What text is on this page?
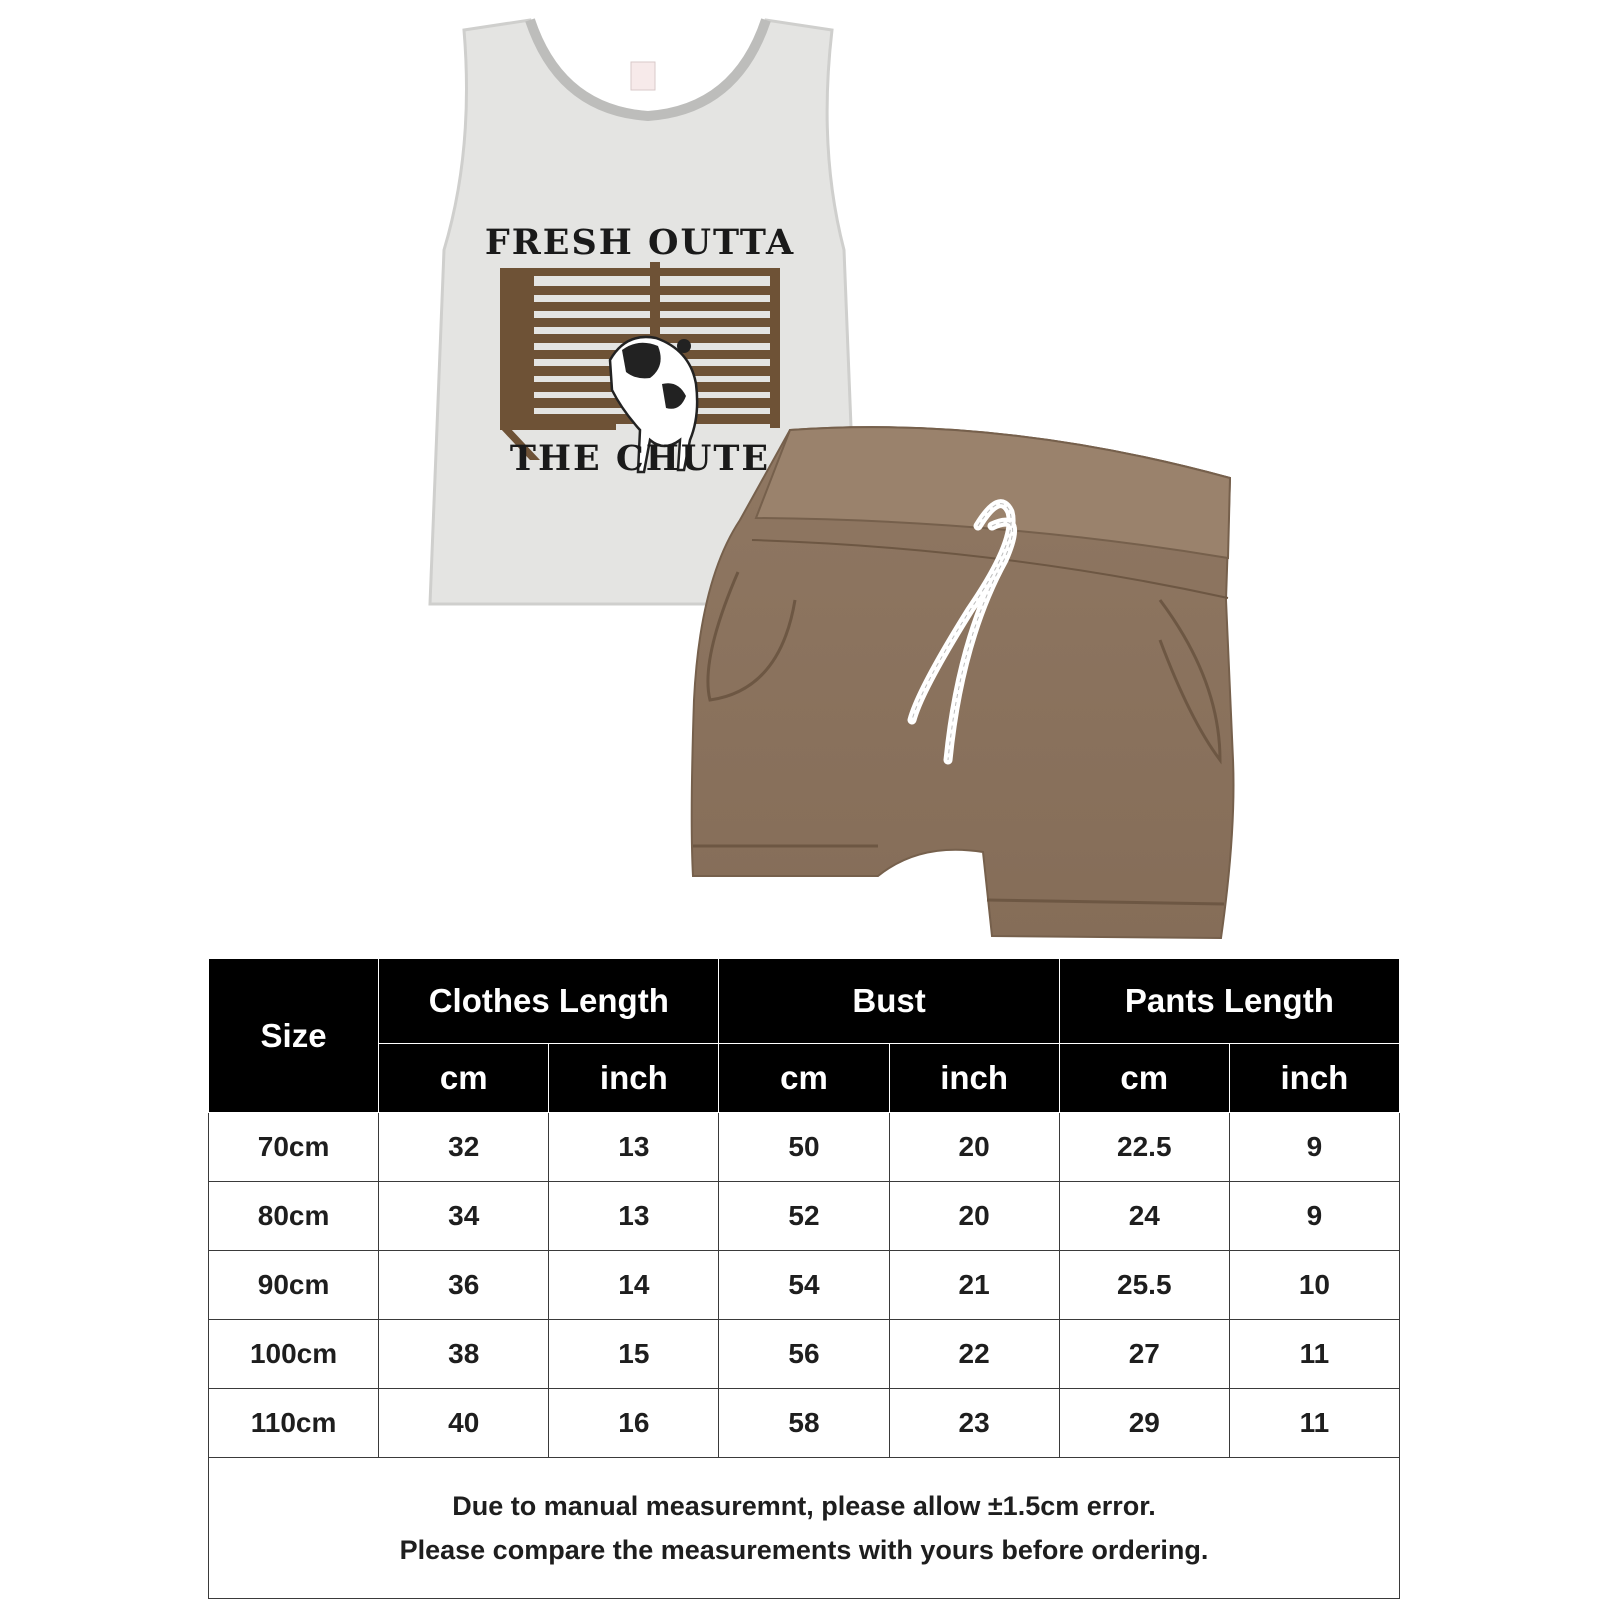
FRESH OUTTA
THE CHUTE
Size	Clothes Length		Bust		Pants Length	
	cm	inch	cm	inch	cm	inch
70cm	32	13	50	20	22.5	9
80cm	34	13	52	20	24	9
90cm	36	14	54	21	25.5	10
100cm	38	15	56	22	27	11
110cm	40	16	58	23	29	11

Due to manual measuremnt, please allow ±1.5cm error.
Please compare the measurements with yours before ordering.						
